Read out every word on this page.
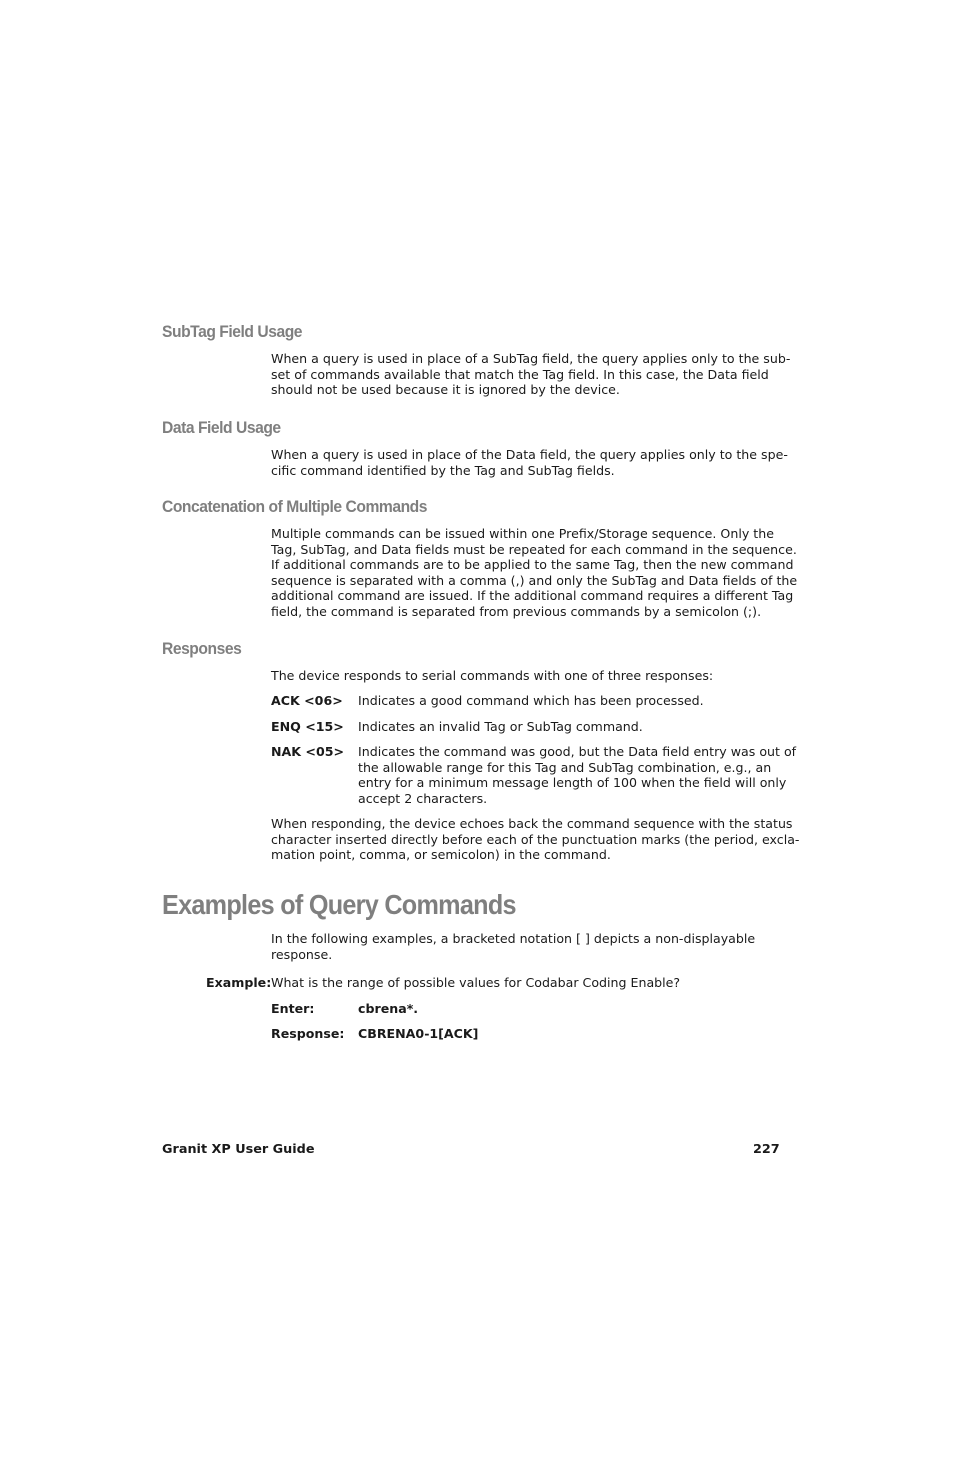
SubTag Field Usage
When a query is used in place of a SubTag field, the query applies only to the sub-
set of commands available that match the Tag field. In this case, the Data field
should not be used because it is ignored by the device.
Data Field Usage
When a query is used in place of the Data field, the query applies only to the spe-
cific command identified by the Tag and SubTag fields.
Concatenation of Multiple Commands
Multiple commands can be issued within one Prefix/Storage sequence. Only the
Tag, SubTag, and Data fields must be repeated for each command in the sequence.
If additional commands are to be applied to the same Tag, then the new command
sequence is separated with a comma (,) and only the SubTag and Data fields of the
additional command are issued. If the additional command requires a different Tag
field, the command is separated from previous commands by a semicolon (;).
Responses
The device responds to serial commands with one of three responses:
ACK <06> Indicates a good command which has been processed.
ENQ <15> Indicates an invalid Tag or SubTag command.
NAK <05> Indicates the command was good, but the Data field entry was out of
the allowable range for this Tag and SubTag combination, e.g., an
entry for a minimum message length of 100 when the field will only
accept 2 characters.
When responding, the device echoes back the command sequence with the status
character inserted directly before each of the punctuation marks (the period, excla-
mation point, comma, or semicolon) in the command.
Examples of Query Commands
In the following examples, a bracketed notation [ ] depicts a non-displayable
response.
Example: What is the range of possible values for Codabar Coding Enable?
Enter:	cbrena*.
Response: CBRENA0-1[ACK]
Granit XP User Guide	227
